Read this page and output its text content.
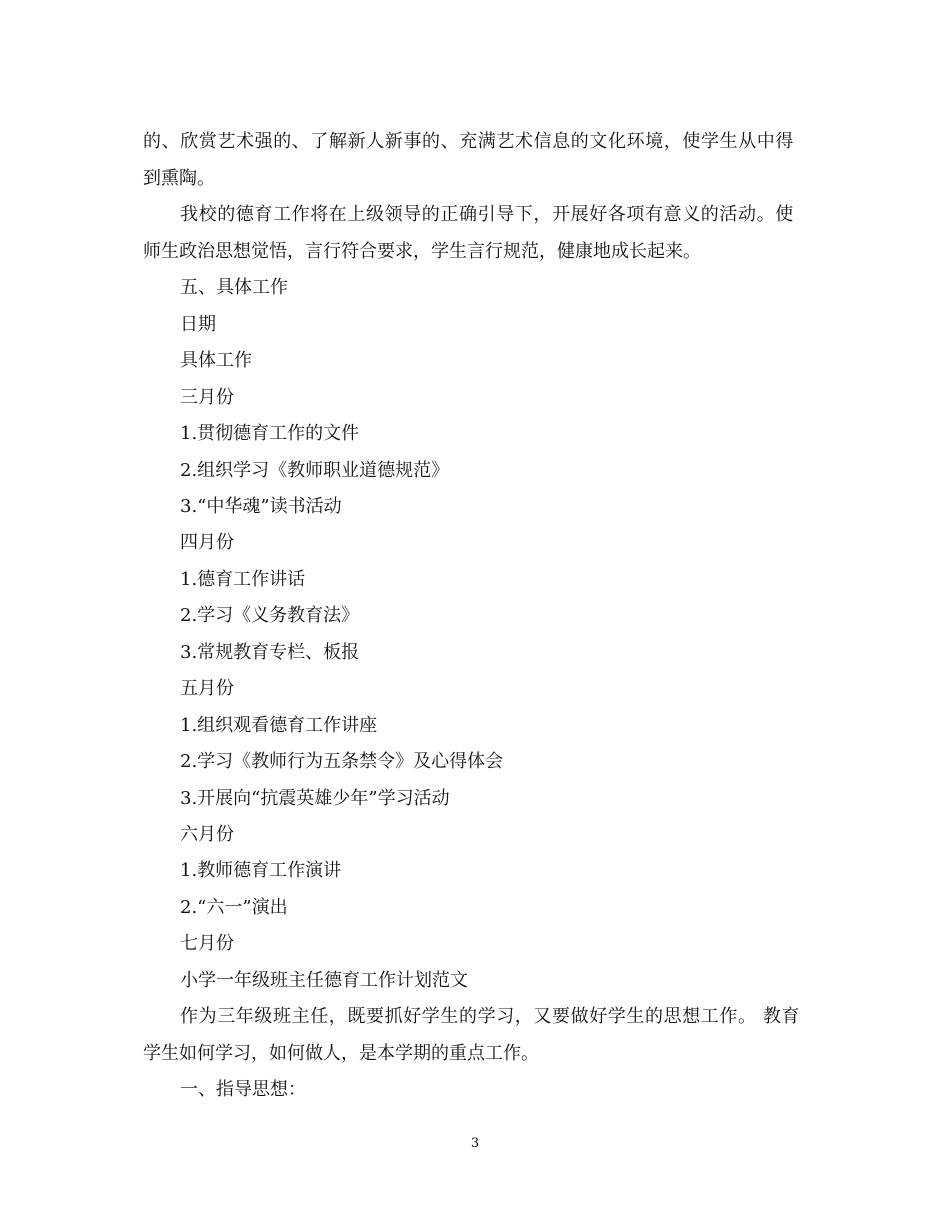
的、欣赏艺术强的、了解新人新事的、充满艺术信息的文化环境，使学生从中得
到熏陶。
我校的德育工作将在上级领导的正确引导下，开展好各项有意义的活动。使
师生政治思想觉悟，言行符合要求，学生言行规范，健康地成长起来。
五、具体工作
日期
具体工作
三月份
1.贯彻德育工作的文件
2.组织学习《教师职业道德规范》
3.“中华魂”读书活动
四月份
1.德育工作讲话
2.学习《义务教育法》
3.常规教育专栏、板报
五月份
1.组织观看德育工作讲座
2.学习《教师行为五条禁令》及心得体会
3.开展向“抗震英雄少年”学习活动
六月份
1.教师德育工作演讲
2.“六一”演出
七月份
小学一年级班主任德育工作计划范文
作为三年级班主任，既要抓好学生的学习，又要做好学生的思想工作。 教育
学生如何学习，如何做人，是本学期的重点工作。
一、指导思想：
3
